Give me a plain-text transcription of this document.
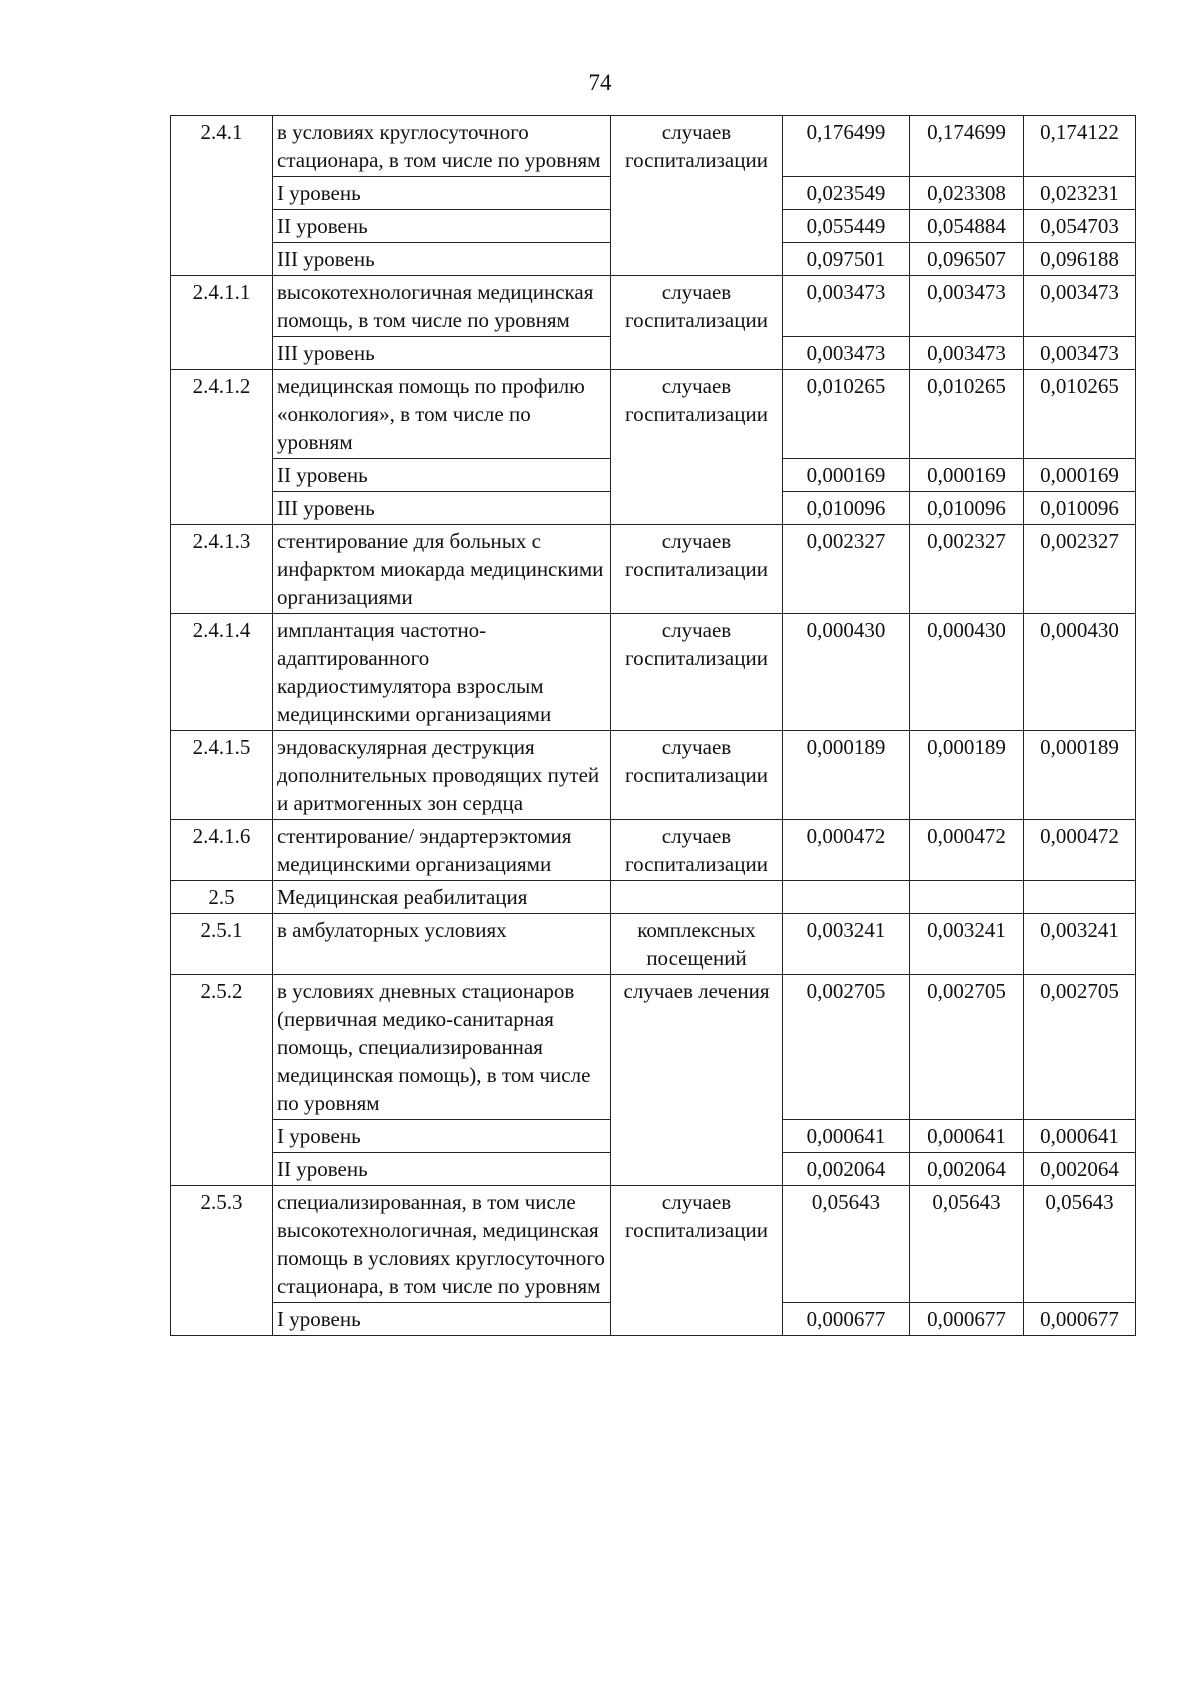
74
2.4.1	в условиях круглосуточного стационара, в том числе по уровням	случаев госпитализации	0,176499	0,174699	0,174122
	I уровень		0,023549	0,023308	0,023231
	II уровень		0,055449	0,054884	0,054703
	III уровень		0,097501	0,096507	0,096188
2.4.1.1	высокотехнологичная медицинская помощь, в том числе по уровням	случаев госпитализации	0,003473	0,003473	0,003473
	III уровень		0,003473	0,003473	0,003473
2.4.1.2	медицинская помощь по профилю «онкология», в том числе по уровням	случаев госпитализации	0,010265	0,010265	0,010265
	II уровень		0,000169	0,000169	0,000169
	III уровень		0,010096	0,010096	0,010096
2.4.1.3	стентирование для больных с инфарктом миокарда медицинскими организациями	случаев госпитализации	0,002327	0,002327	0,002327
2.4.1.4	имплантация частотно-адаптированного кардиостимулятора взрослым медицинскими организациями	случаев госпитализации	0,000430	0,000430	0,000430
2.4.1.5	эндоваскулярная деструкция дополнительных проводящих путей и аритмогенных зон сердца	случаев госпитализации	0,000189	0,000189	0,000189
2.4.1.6	стентирование/ эндартерэктомия медицинскими организациями	случаев госпитализации	0,000472	0,000472	0,000472
2.5	Медицинская реабилитация				
2.5.1	в амбулаторных условиях	комплексных посещений	0,003241	0,003241	0,003241
2.5.2	в условиях дневных стационаров (первичная медико-санитарная помощь, специализированная медицинская помощь), в том числе по уровням	случаев лечения	0,002705	0,002705	0,002705
	I уровень		0,000641	0,000641	0,000641
	II уровень		0,002064	0,002064	0,002064
2.5.3	специализированная, в том числе высокотехнологичная, медицинская помощь в условиях круглосуточного стационара, в том числе по уровням	случаев госпитализации	0,05643	0,05643	0,05643
	I уровень		0,000677	0,000677	0,000677
